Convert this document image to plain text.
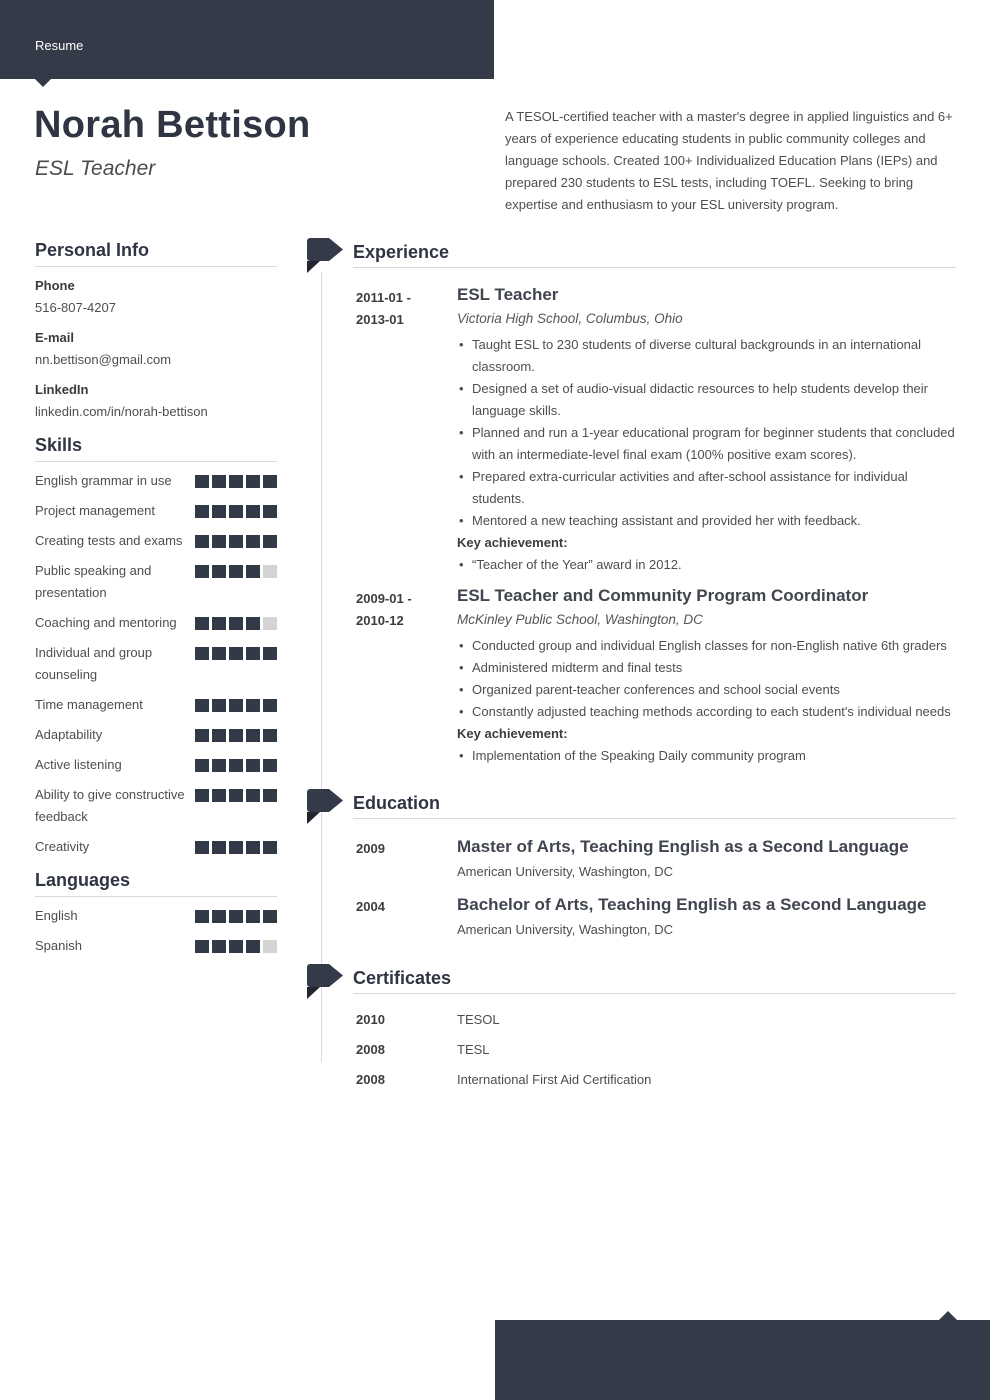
Resume
Norah Bettison
ESL Teacher

A TESOL-certified teacher with a master's degree in applied linguistics and 6+ years of experience educating students in public community colleges and language schools. Created 100+ Individualized Education Plans (IEPs) and prepared 230 students to ESL tests, including TOEFL. Seeking to bring expertise and enthusiasm to your ESL university program.

Personal Info
Phone
516-807-4207
E-mail
nn.bettison@gmail.com
LinkedIn
linkedin.com/in/norah-bettison
Skills
English grammar in use
Project management
Creating tests and exams
Public speaking and presentation
Coaching and mentoring
Individual and group counseling
Time management
Adaptability
Active listening
Ability to give constructive feedback
Creativity
Languages
English
Spanish
Experience
2011-01 -
2013-01
ESL Teacher
Victoria High School, Columbus, Ohio
• Taught ESL to 230 students of diverse cultural backgrounds in an international classroom.
• Designed a set of audio-visual didactic resources to help students develop their language skills.
• Planned and run a 1-year educational program for beginner students that concluded with an intermediate-level final exam (100% positive exam scores).
• Prepared extra-curricular activities and after-school assistance for individual students.
• Mentored a new teaching assistant and provided her with feedback.
Key achievement:
• “Teacher of the Year” award in 2012.
2009-01 -
2010-12
ESL Teacher and Community Program Coordinator
McKinley Public School, Washington, DC
• Conducted group and individual English classes for non-English native 6th graders
• Administered midterm and final tests
• Organized parent-teacher conferences and school social events
• Constantly adjusted teaching methods according to each student's individual needs
Key achievement:
• Implementation of the Speaking Daily community program
Education
2009	Master of Arts, Teaching English as a Second Language
American University, Washington, DC
2004	Bachelor of Arts, Teaching English as a Second Language
American University, Washington, DC
Certificates
2010	TESOL
2008	TESL
2008	International First Aid Certification
